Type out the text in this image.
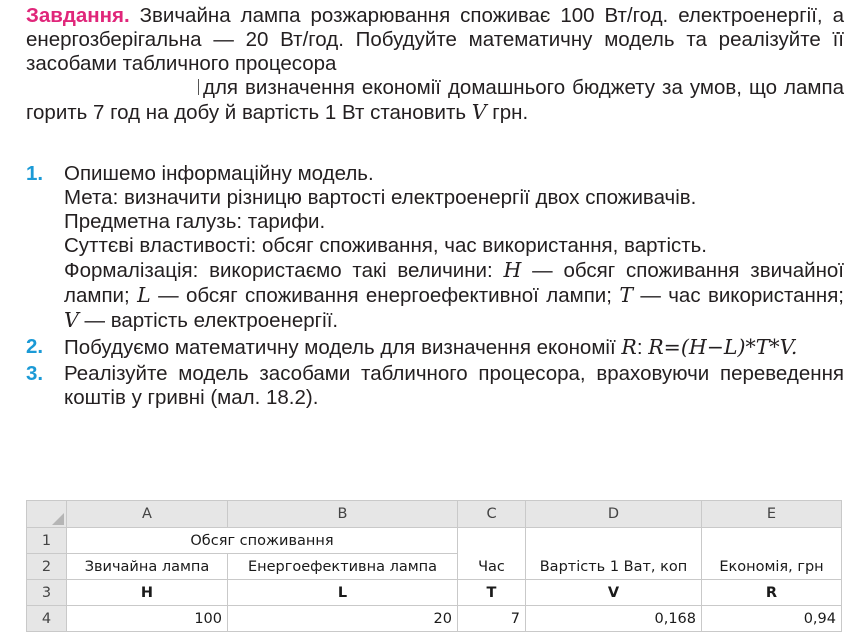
Завдання. Звичайна лампа розжарювання споживає 100 Вт/год. електроенергії, а енергозберігальна — 20 Вт/год. Побудуйте математичну модель та реалізуйте її засобами табличного процесора
для визначення економії домашнього бюджету за умов, що лампа горить 7 год на добу й вартість 1 Вт становить V грн.

1.	Опишемо інформаційну модель.

Мета: визначити різницю вартості електроенергії двох споживачів.

Предметна галузь: тарифи.

Суттєві властивості: обсяг споживання, час використання, вартість.

Формалізація: використаємо такі величини: H — обсяг споживання звичайної лампи; L — обсяг споживання енергоефективної лампи; T — час використання; V — вартість електроенергії.

2.	Побудуємо математичну модель для визначення економії R: R=(H−L)*T*V.

3.	Реалізуйте модель засобами табличного процесора, враховуючи переведення коштів у гривні (мал. 18.2).

	A	B	C	D	E
1	Обсяг споживання				
2	Звичайна лампа	Енергоефективна лампа	Час	Вартість 1 Ват, коп	Економія, грн
3	H	L	T	V	R
4	100	20	7	0,168	0,94
